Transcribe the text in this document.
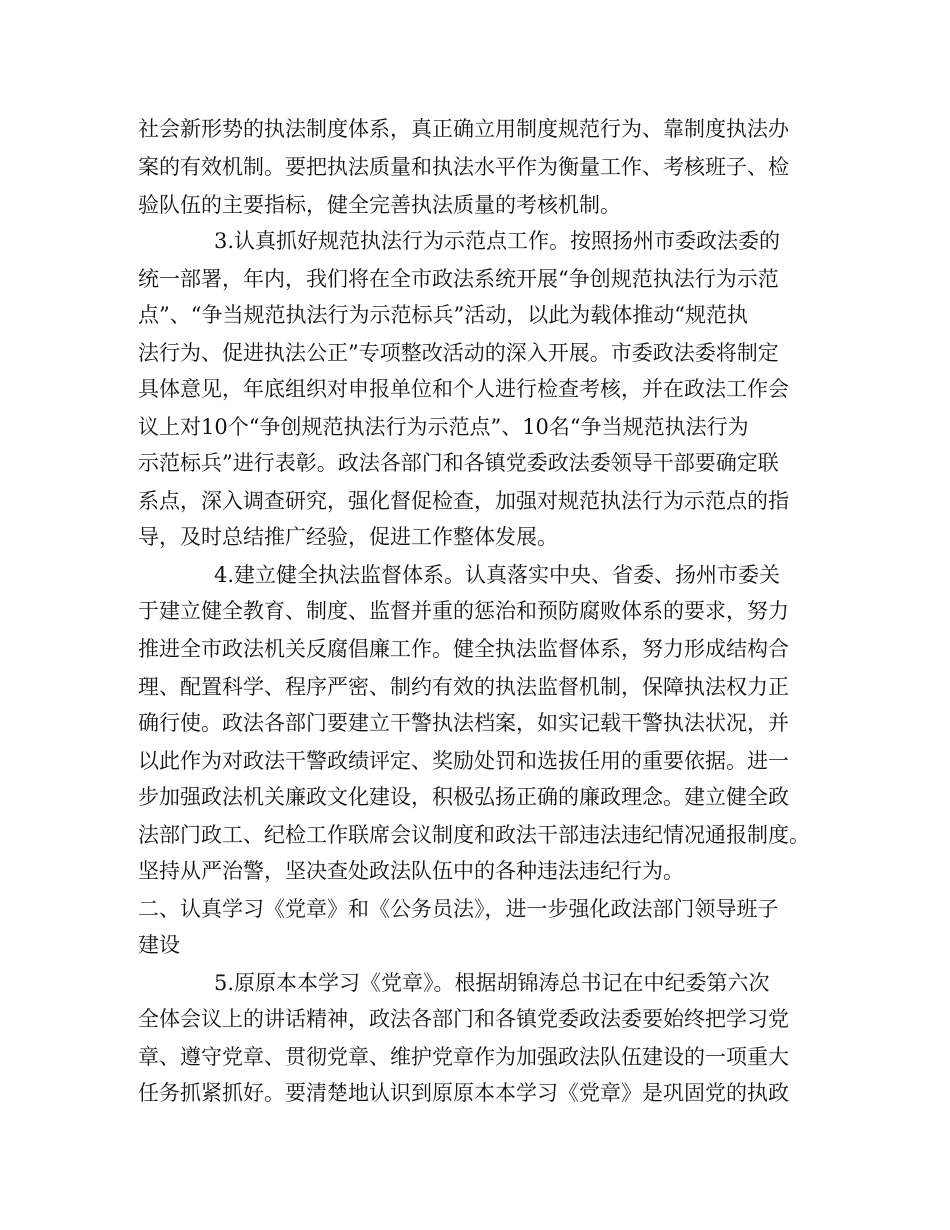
社会新形势的执法制度体系，真正确立用制度规范行为、靠制度执法办

案的有效机制。要把执法质量和执法水平作为衡量工作、考核班子、检

验队伍的主要指标，健全完善执法质量的考核机制。

3.认真抓好规范执法行为示范点工作。按照扬州市委政法委的

统一部署，年内，我们将在全市政法系统开展“争创规范执法行为示范

点”、“争当规范执法行为示范标兵”活动，以此为载体推动“规范执

法行为、促进执法公正”专项整改活动的深入开展。市委政法委将制定

具体意见，年底组织对申报单位和个人进行检查考核，并在政法工作会

议上对10个“争创规范执法行为示范点”、10名“争当规范执法行为

示范标兵”进行表彰。政法各部门和各镇党委政法委领导干部要确定联

系点，深入调查研究，强化督促检查，加强对规范执法行为示范点的指

导，及时总结推广经验，促进工作整体发展。

4.建立健全执法监督体系。认真落实中央、省委、扬州市委关

于建立健全教育、制度、监督并重的惩治和预防腐败体系的要求，努力

推进全市政法机关反腐倡廉工作。健全执法监督体系，努力形成结构合

理、配置科学、程序严密、制约有效的执法监督机制，保障执法权力正

确行使。政法各部门要建立干警执法档案，如实记载干警执法状况，并

以此作为对政法干警政绩评定、奖励处罚和选拔任用的重要依据。进一

步加强政法机关廉政文化建设，积极弘扬正确的廉政理念。建立健全政

法部门政工、纪检工作联席会议制度和政法干部违法违纪情况通报制度。

坚持从严治警，坚决查处政法队伍中的各种违法违纪行为。

二、认真学习《党章》和《公务员法》，进一步强化政法部门领导班子

建设

5.原原本本学习《党章》。根据胡锦涛总书记在中纪委第六次

全体会议上的讲话精神，政法各部门和各镇党委政法委要始终把学习党

章、遵守党章、贯彻党章、维护党章作为加强政法队伍建设的一项重大

任务抓紧抓好。要清楚地认识到原原本本学习《党章》是巩固党的执政
